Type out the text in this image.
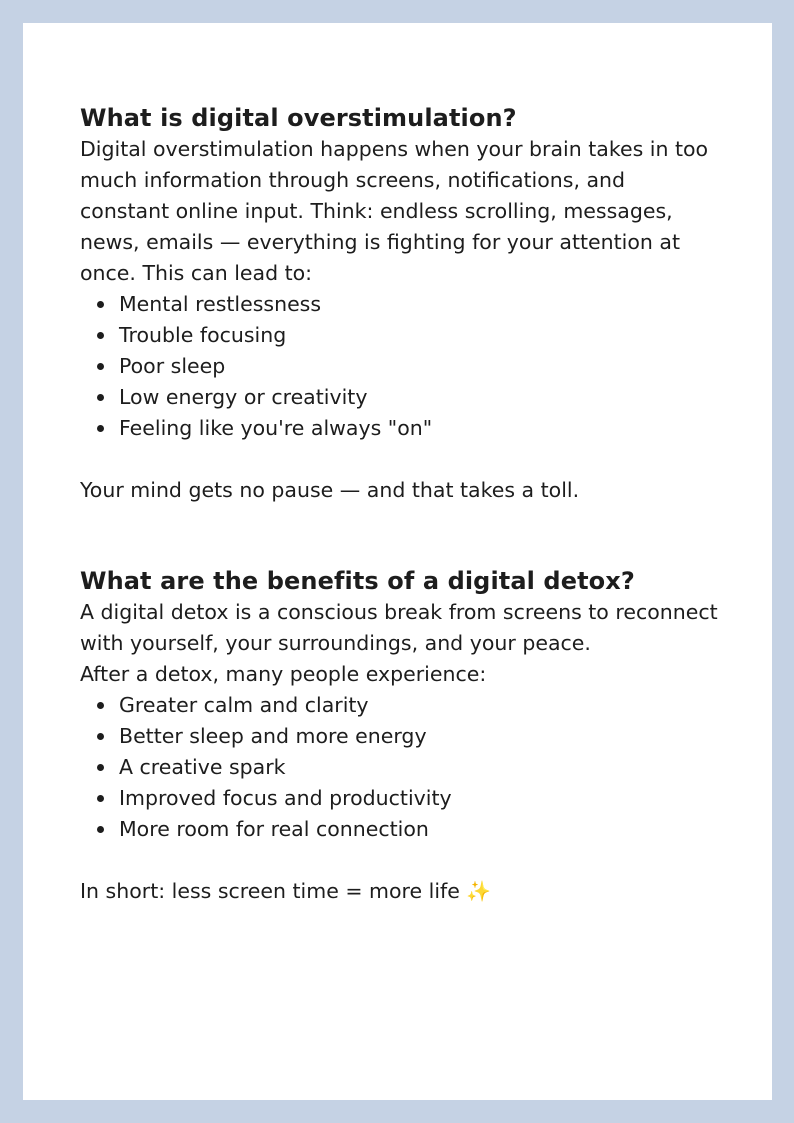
What is digital overstimulation?

Digital overstimulation happens when your brain takes in too much information through screens, notifications, and constant online input. Think: endless scrolling, messages, news, emails — everything is fighting for your attention at once. This can lead to:

Mental restlessness
Trouble focusing
Poor sleep
Low energy or creativity
Feeling like you're always "on"

Your mind gets no pause — and that takes a toll.

What are the benefits of a digital detox?

A digital detox is a conscious break from screens to reconnect with yourself, your surroundings, and your peace.

After a detox, many people experience:

Greater calm and clarity
Better sleep and more energy
A creative spark
Improved focus and productivity
More room for real connection

In short: less screen time = more life ✨
